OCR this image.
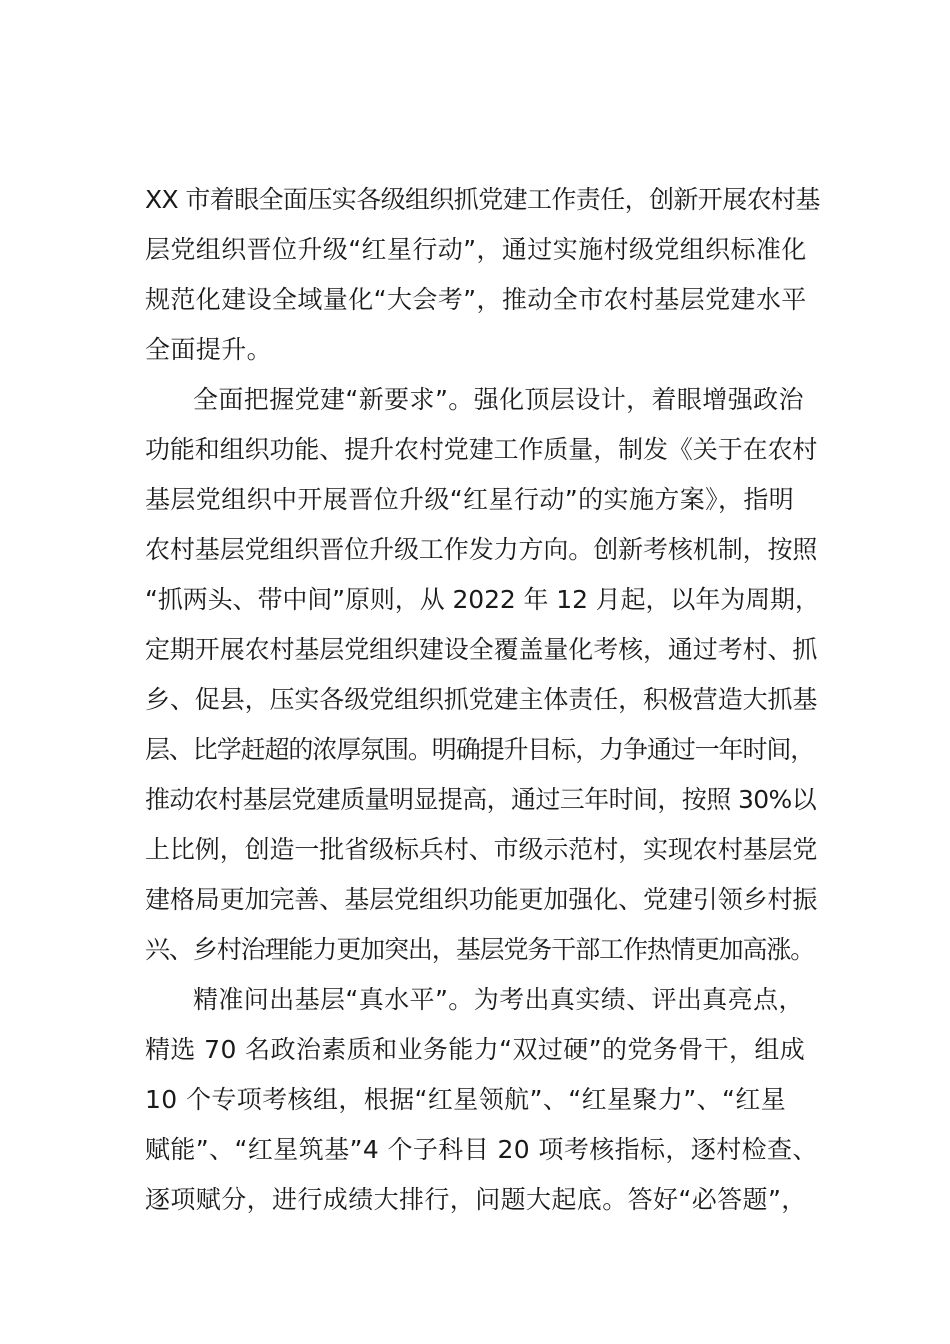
XX 市着眼全面压实各级组织抓党建工作责任，创新开展农村基
层党组织晋位升级“红星行动”，通过实施村级党组织标准化
规范化建设全域量化“大会考”，推动全市农村基层党建水平
全面提升。
全面把握党建“新要求”。强化顶层设计，着眼增强政治
功能和组织功能、提升农村党建工作质量，制发《关于在农村
基层党组织中开展晋位升级“红星行动”的实施方案》，指明
农村基层党组织晋位升级工作发力方向。创新考核机制，按照
“抓两头、带中间”原则，从 2022 年 12 月起，以年为周期，
定期开展农村基层党组织建设全覆盖量化考核，通过考村、抓
乡、促县，压实各级党组织抓党建主体责任，积极营造大抓基
层、比学赶超的浓厚氛围。明确提升目标，力争通过一年时间，
推动农村基层党建质量明显提高，通过三年时间，按照 30%以
上比例，创造一批省级标兵村、市级示范村，实现农村基层党
建格局更加完善、基层党组织功能更加强化、党建引领乡村振
兴、乡村治理能力更加突出，基层党务干部工作热情更加高涨。
精准问出基层“真水平”。为考出真实绩、评出真亮点，
精选 70 名政治素质和业务能力“双过硬”的党务骨干，组成
10 个专项考核组，根据“红星领航”、“红星聚力”、“红星
赋能”、“红星筑基”4 个子科目 20 项考核指标，逐村检查、
逐项赋分，进行成绩大排行，问题大起底。答好“必答题”，
